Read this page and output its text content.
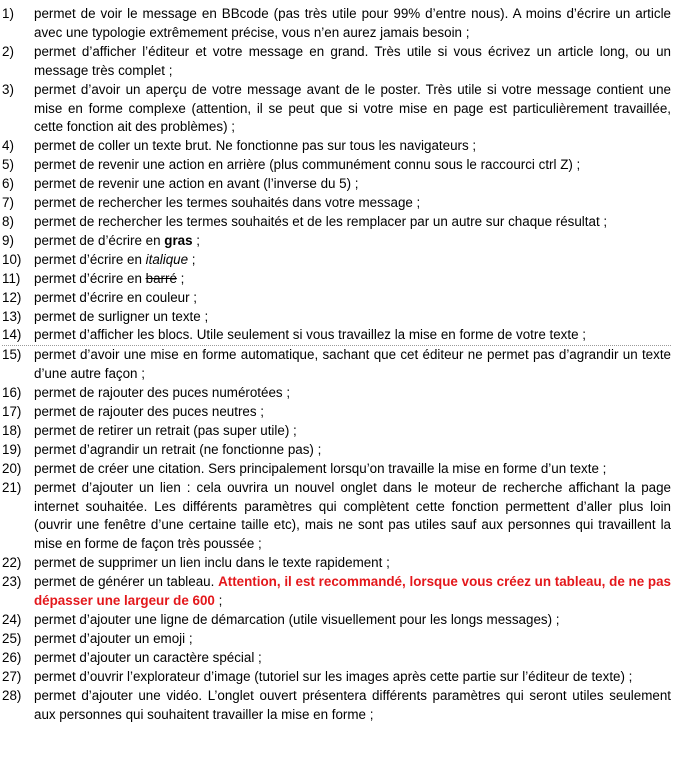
1)	permet de voir le message en BBcode (pas très utile pour 99% d’entre nous). A moins d’écrire un article avec une typologie extrêmement précise, vous n’en aurez jamais besoin ;
2)	permet d’afficher l’éditeur et votre message en grand. Très utile si vous écrivez un article long, ou un message très complet ;
3)	permet d’avoir un aperçu de votre message avant de le poster. Très utile si votre message contient une mise en forme complexe (attention, il se peut que si votre mise en page est particulièrement travaillée, cette fonction ait des problèmes) ;
4)	permet de coller un texte brut. Ne fonctionne pas sur tous les navigateurs ;
5)	permet de revenir une action en arrière (plus communément connu sous le raccourci ctrl Z) ;
6)	permet de revenir une action en avant (l’inverse du 5) ;
7)	permet de rechercher les termes souhaités dans votre message ;
8)	permet de rechercher les termes souhaités et de les remplacer par un autre sur chaque résultat ;
9)	permet de d’écrire en gras ;
10) permet d’écrire en italique ;
11)	permet d’écrire en barré ;
12) permet d’écrire en couleur ;
13) permet de surligner un texte ;
14) permet d’afficher les blocs. Utile seulement si vous travaillez la mise en forme de votre texte ;
15) permet d’avoir une mise en forme automatique, sachant que cet éditeur ne permet pas d’agrandir un texte d’une autre façon ;
16) permet de rajouter des puces numérotées ;
17) permet de rajouter des puces neutres ;
18) permet de retirer un retrait (pas super utile) ;
19) permet d’agrandir un retrait (ne fonctionne pas) ;
20) permet de créer une citation. Sers principalement lorsqu’on travaille la mise en forme d’un texte ;
21) permet d’ajouter un lien : cela ouvrira un nouvel onglet dans le moteur de recherche affichant la page internet souhaitée. Les différents paramètres qui complètent cette fonction permettent d’aller plus loin (ouvrir une fenêtre d’une certaine taille etc), mais ne sont pas utiles sauf aux personnes qui travaillent la mise en forme de façon très poussée ;
22) permet de supprimer un lien inclu dans le texte rapidement ;
23) permet de générer un tableau. Attention, il est recommandé, lorsque vous créez un tableau, de ne pas dépasser une largeur de 600 ;
24) permet d’ajouter une ligne de démarcation (utile visuellement pour les longs messages) ;
25) permet d’ajouter un emoji ;
26) permet d’ajouter un caractère spécial ;
27) permet d’ouvrir l’explorateur d’image (tutoriel sur les images après cette partie sur l’éditeur de texte) ;
28) permet d’ajouter une vidéo. L’onglet ouvert présentera différents paramètres qui seront utiles seulement aux personnes qui souhaitent travailler la mise en forme ;
